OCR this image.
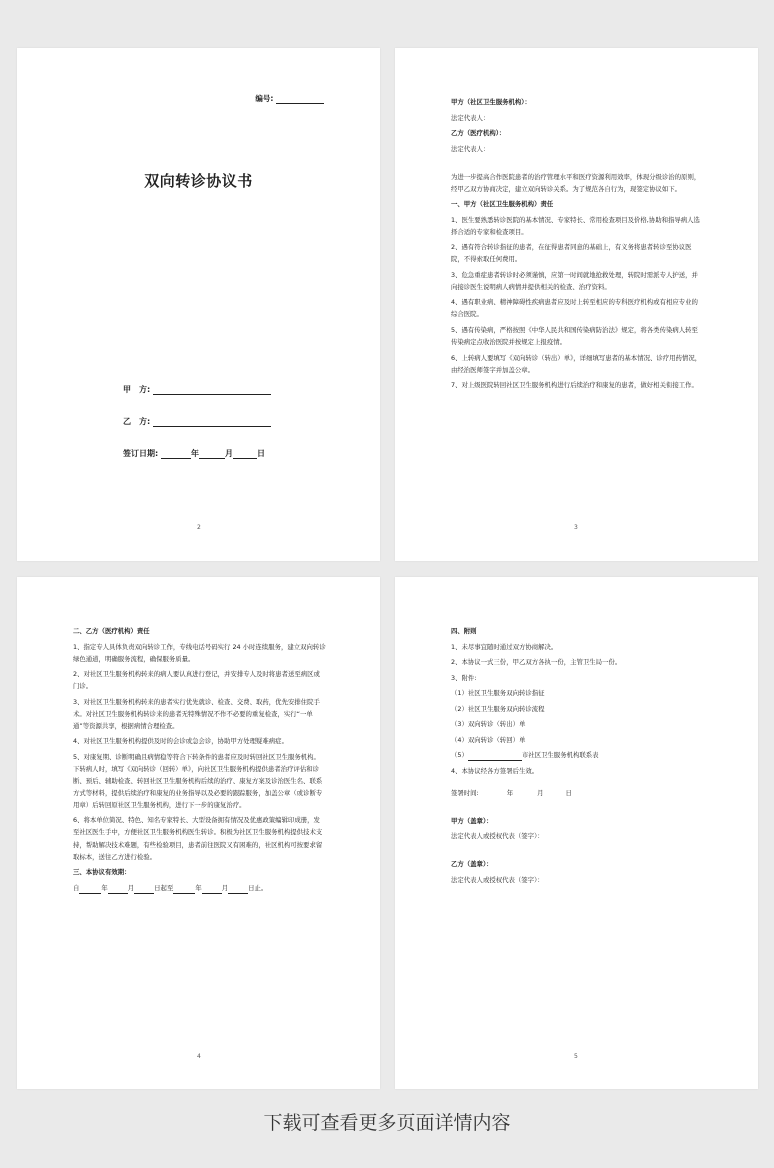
编号:
双向转诊协议书
甲　方:
乙　方:
签订日期:	年	月	日
2

甲方（社区卫生服务机构）：

法定代表人：

乙方（医疗机构）：

法定代表人：

为进一步提高合作医院患者的治疗管理水平和医疗资源利用效率，体现分级诊治的原则，经甲乙双方协商决定，建立双向转诊关系。为了规范各自行为，现签定协议如下。

一、甲方（社区卫生服务机构）责任

1、医生要熟悉转诊医院的基本情况、专家特长、常用检查项目及价格,协助和指导病人选择合适的专家和检查项目。

2、遇有符合转诊指征的患者，在征得患者同意的基础上，有义务将患者转诊至协议医院，不得索取任何费用。

3、危急重症患者转诊时必须谨慎，应第一时间就地抢救处理，转院时需派专人护送，并向接诊医生说明病人病情并提供相关的检查、治疗资料。

4、遇有职业病、精神障碍性疾病患者应及时上转至相应的专科医疗机构或有相应专业的综合医院。

5、遇有传染病，严格按照《中华人民共和国传染病防治法》规定，将各类传染病人转至传染病定点收治医院并按规定上报疫情。

6、上转病人要填写《双向转诊（转出）单》，详细填写患者的基本情况、诊疗用药情况，由经治医师签字并加盖公章。

7、对上级医院转回社区卫生服务机构进行后续治疗和康复的患者，做好相关衔接工作。

3

二、乙方（医疗机构）责任

1、指定专人具体负责双向转诊工作，专线电话号码实行 24 小时连续服务，建立双向转诊绿色通道，明确服务流程，确保服务质量。

2、对社区卫生服务机构转来的病人要认真进行登记，并安排专人及时将患者送至病区或门诊。

3、对社区卫生服务机构转来的患者实行优先就诊、检查、交费、取药，优先安排住院手术。对社区卫生服务机构转诊来的患者无特殊情况不作不必要的重复检查，实行“一单通”等资源共享，根据病情合理检查。

4、对社区卫生服务机构提供及时的会诊或急会诊，协助甲方处理疑难病症。

5、对康复期、诊断明确且病情稳等符合下转条件的患者应及时转回社区卫生服务机构。下转病人时，填写《双向转诊（回转）单》，向社区卫生服务机构提供患者治疗评估和诊断、预后、辅助检查、转回社区卫生服务机构后续的治疗、康复方案及诊治医生名、联系方式等材料，提供后续治疗和康复的业务指导以及必要的跟踪服务，加盖公章（或诊断专用章）后转回原社区卫生服务机构，进行下一步的康复治疗。

6、将本单位简况、特色、知名专家特长、大型设备拥有情况及优惠政策编辑印成册，发至社区医生手中，方便社区卫生服务机构医生转诊。积极为社区卫生服务机构提供技术支持，帮助解决技术难题，有些检验项目，患者前往医院又有困难的，社区机构可按要求留取标本，送往乙方进行检验。

三、本协议有效期：

自	年	月	日起至	年	月	日止。

4

四、附则

1、未尽事宜随时通过双方协商解决。

2、本协议一式三份，甲乙双方各执一份，主管卫生局一份。

3、附件:

（1）社区卫生服务双向转诊指征

（2）社区卫生服务双向转诊流程

（3）双向转诊（转出）单

（4）双向转诊（转回）单

（5）	市社区卫生服务机构联系表

4、本协议经各方签署后生效。

签署时间:	年	月	日

甲方（盖章）：

法定代表人或授权代表（签字）：

乙方（盖章）：

法定代表人或授权代表（签字）：

5
下载可查看更多页面详情内容
